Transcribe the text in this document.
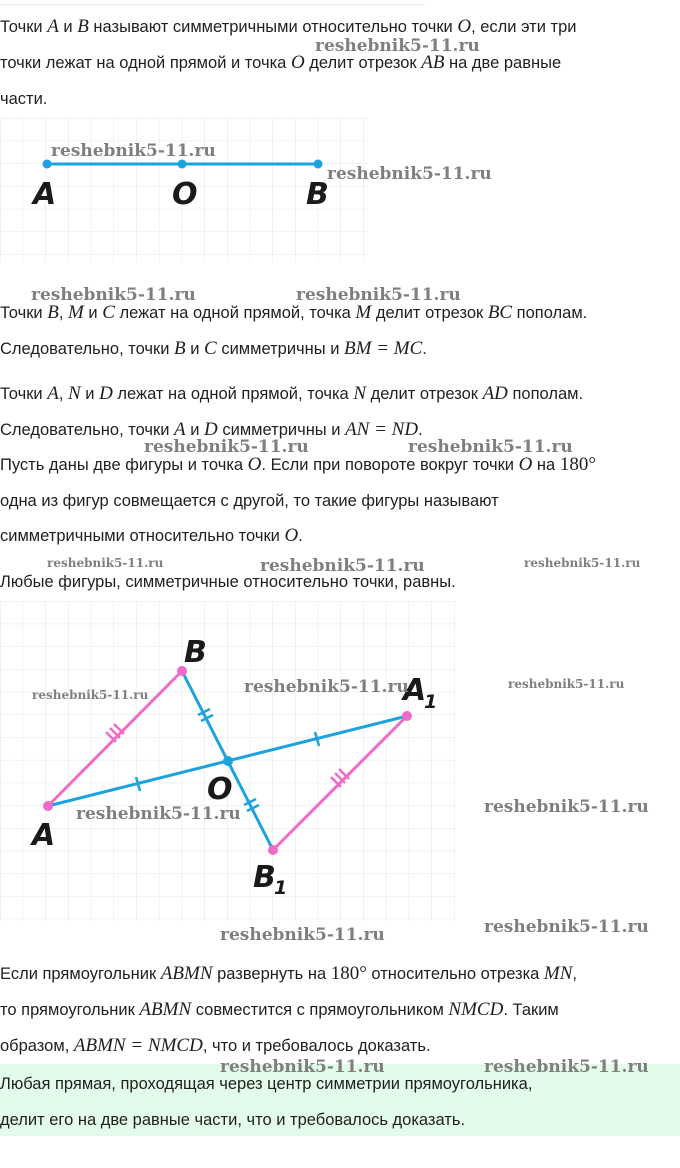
Точки A и B называют симметричными относительно точки O, если эти три
точки лежат на одной прямой и точка O делит отрезок AB на две равные
части.
A	O	B
Точки B, M и C лежат на одной прямой, точка M делит отрезок BC пополам.
Следовательно, точки B и C симметричны и BM = MC.
Точки A, N и D лежат на одной прямой, точка N делит отрезок AD пополам.
Следовательно, точки A и D симметричны и AN = ND.
Пусть даны две фигуры и точка O. Если при повороте вокруг точки O на 180°
одна из фигур совмещается с другой, то такие фигуры называют
симметричными относительно точки O.
Любые фигуры, симметричные относительно точки, равны.
A
B
O
A
1
B
1
Если прямоугольник ABMN развернуть на 180° относительно отрезка MN,
то прямоугольник ABMN совместится с прямоугольником NMCD. Таким
образом, ABMN = NMCD, что и требовалось доказать.
Любая прямая, проходящая через центр симметрии прямоугольника,
делит его на две равные части, что и требовалось доказать.
reshebnik5-11.ru
reshebnik5-11.ru
reshebnik5-11.ru
reshebnik5-11.ru	reshebnik5-11.ru
reshebnik5-11.ru	reshebnik5-11.ru
reshebnik5-11.ru	reshebnik5-11.ru	reshebnik5-11.ru
reshebnik5-11.ru	reshebnik5-11.ru	reshebnik5-11.ru
reshebnik5-11.ru	reshebnik5-11.ru
reshebnik5-11.ru	reshebnik5-11.ru
reshebnik5-11.ru	reshebnik5-11.ru
